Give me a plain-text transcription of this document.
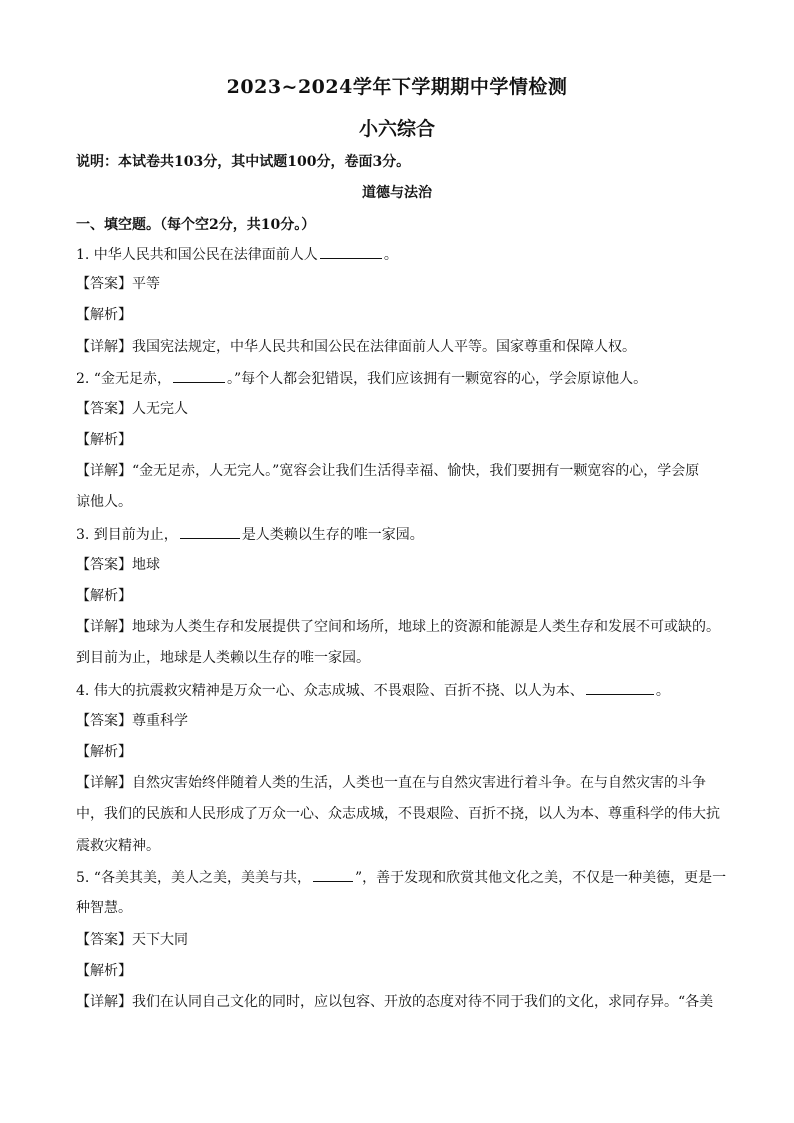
2023~2024学年下学期期中学情检测
小六综合
说明：本试卷共103分，其中试题100分，卷面3分。
道德与法治
一、填空题。（每个空2分，共10分。）
1. 中华人民共和国公民在法律面前人人	。
【答案】平等
【解析】
【详解】我国宪法规定，中华人民共和国公民在法律面前人人平等。国家尊重和保障人权。
2. “金无足赤，	。”每个人都会犯错误，我们应该拥有一颗宽容的心，学会原谅他人。
【答案】人无完人
【解析】
【详解】“金无足赤，人无完人。”宽容会让我们生活得幸福、愉快，我们要拥有一颗宽容的心，学会原
谅他人。
3. 到目前为止，	是人类赖以生存的唯一家园。
【答案】地球
【解析】
【详解】地球为人类生存和发展提供了空间和场所，地球上的资源和能源是人类生存和发展不可或缺的。
到目前为止，地球是人类赖以生存的唯一家园。
4. 伟大的抗震救灾精神是万众一心、众志成城、不畏艰险、百折不挠、以人为本、	。
【答案】尊重科学
【解析】
【详解】自然灾害始终伴随着人类的生活，人类也一直在与自然灾害进行着斗争。在与自然灾害的斗争
中，我们的民族和人民形成了万众一心、众志成城，不畏艰险、百折不挠，以人为本、尊重科学的伟大抗
震救灾精神。
5. “各美其美，美人之美，美美与共，	”，善于发现和欣赏其他文化之美，不仅是一种美德，更是一
种智慧。
【答案】天下大同
【解析】
【详解】我们在认同自己文化的同时，应以包容、开放的态度对待不同于我们的文化，求同存异。“各美
